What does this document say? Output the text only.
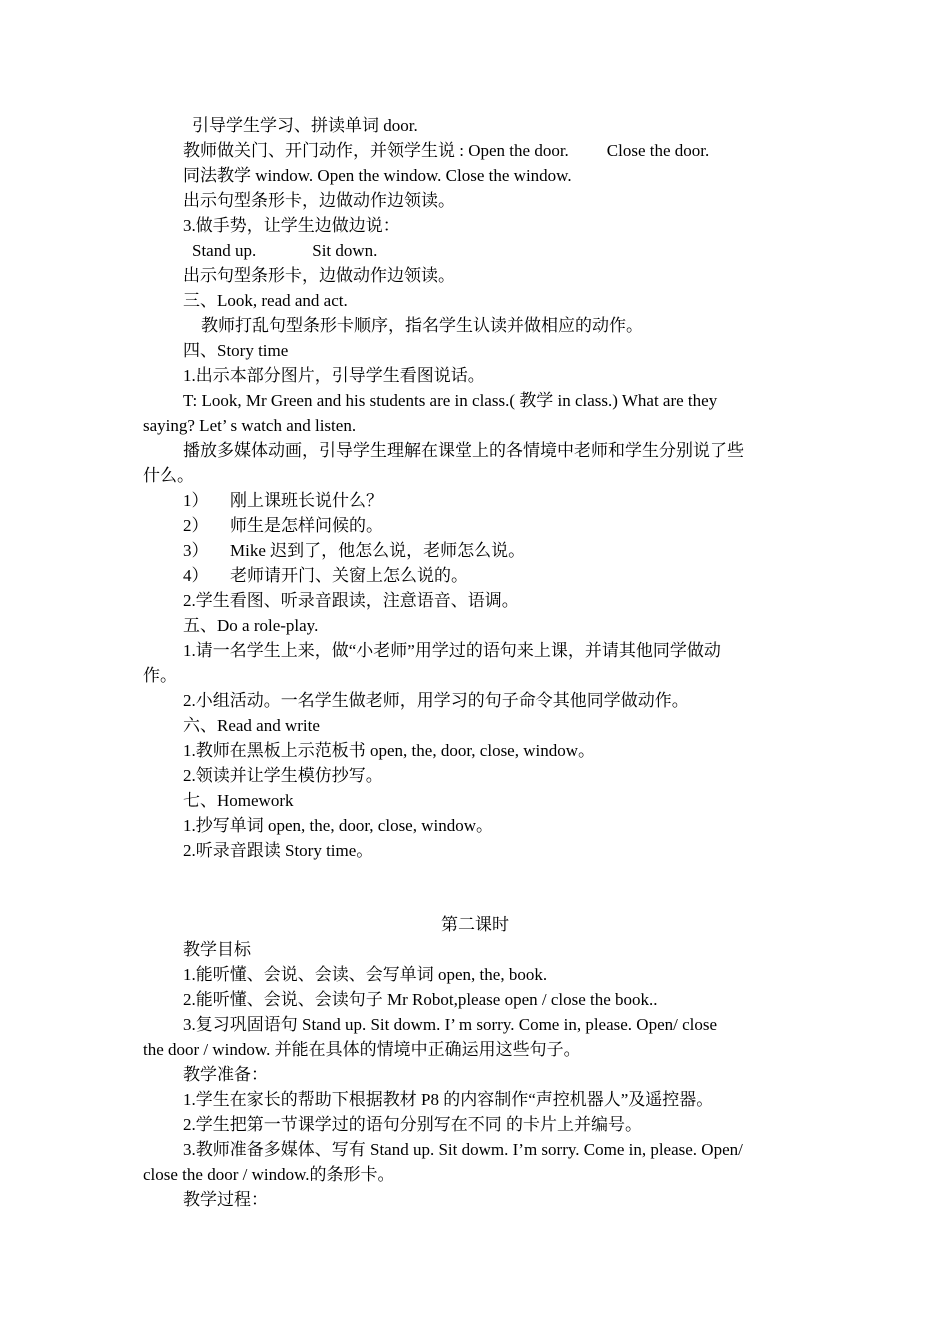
引导学生学习、拼读单词 door.
教师做关门、开门动作，并领学生说 : Open the door. Close the door.
同法教学 window. Open the window. Close the window.
出示句型条形卡，边做动作边领读。
3.做手势，让学生边做边说：
Stand up.	Sit down.
出示句型条形卡，边做动作边领读。
三、Look, read and act.
教师打乱句型条形卡顺序，指名学生认读并做相应的动作。
四、Story time
1.出示本部分图片，引导学生看图说话。
T: Look, Mr Green and his students are in class.( 教学 in class.) What are they
saying? Let’ s watch and listen.
播放多媒体动画，引导学生理解在课堂上的各情境中老师和学生分别说了些
什么。
1） 刚上课班长说什么？
2） 师生是怎样问候的。
3） Mike 迟到了，他怎么说，老师怎么说。
4） 老师请开门、关窗上怎么说的。
2.学生看图、听录音跟读，注意语音、语调。
五、Do a role-play.
1.请一名学生上来，做“小老师”用学过的语句来上课，并请其他同学做动
作。
2.小组活动。一名学生做老师，用学习的句子命令其他同学做动作。
六、Read and write
1.教师在黑板上示范板书 open, the, door, close, window。
2.领读并让学生模仿抄写。
七、Homework
1.抄写单词 open, the, door, close, window。
2.听录音跟读 Story time。
第二课时
教学目标
1.能听懂、会说、会读、会写单词 open, the, book.
2.能听懂、会说、会读句子 Mr Robot,please open / close the book..
3.复习巩固语句 Stand up. Sit dowm. I’ m sorry. Come in, please. Open/ close
the door / window. 并能在具体的情境中正确运用这些句子。
教学准备：
1.学生在家长的帮助下根据教材 P8 的内容制作“声控机器人”及遥控器。
2.学生把第一节课学过的语句分别写在不同 的卡片上并编号。
3.教师准备多媒体、写有 Stand up. Sit dowm. I’m sorry. Come in, please. Open/
close the door / window.的条形卡。
教学过程：
